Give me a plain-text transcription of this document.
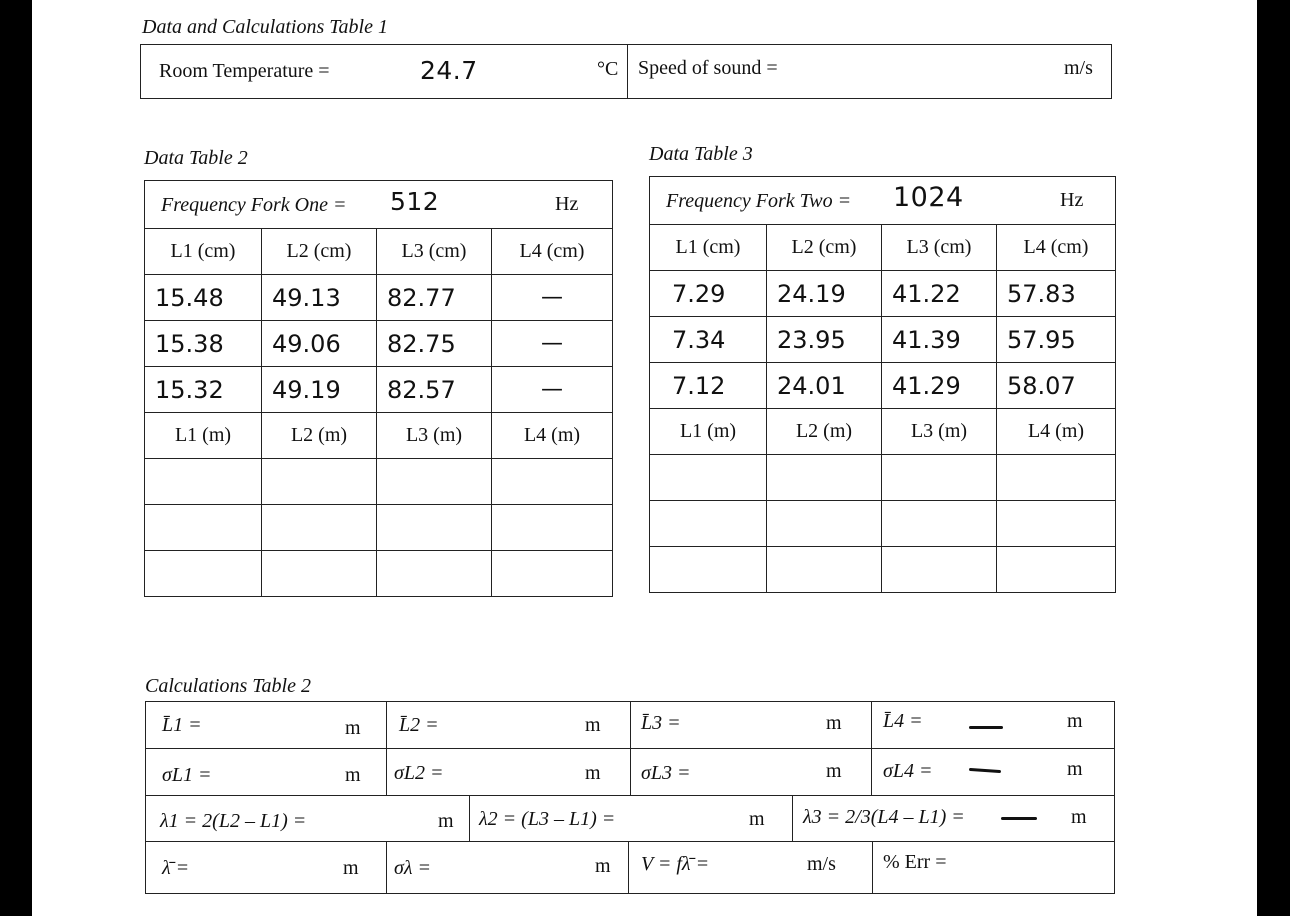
Data and Calculations Table 1
Room Temperature =	24.7	°C Speed of sound =	m/s
Data Table 2
Frequency Fork One = 512 Hz			

L1 (cm)	L2 (cm)	L3 (cm)	L4 (cm)
15.48	49.13	82.77	—
15.38	49.06	82.75	—
15.32	49.19	82.57	—
L1 (m)	L2 (m)	L3 (m)	L4 (m)

Data Table 3
Frequency Fork Two = 1024 Hz			

L1 (cm)	L2 (cm)	L3 (cm)	L4 (cm)
7.29	24.19	41.22	57.83
7.34	23.95	41.39	57.95
7.12	24.01	41.29	58.07
L1 (m)	L2 (m)	L3 (m)	L4 (m)

Calculations Table 2
L̄1 =	m L̄2 =	m L̄3 =	m L̄4 =	m
σL1 =	m σL2 =	m σL3 =	m σL4 =	m
λ1 = 2(L2 – L1) =	m λ2 = (L3 – L1) =	m λ3 = 2/3(L4 – L1) =	m
λ̄ =	m σλ =	m V = fλ̄ =	m/s % Err =
